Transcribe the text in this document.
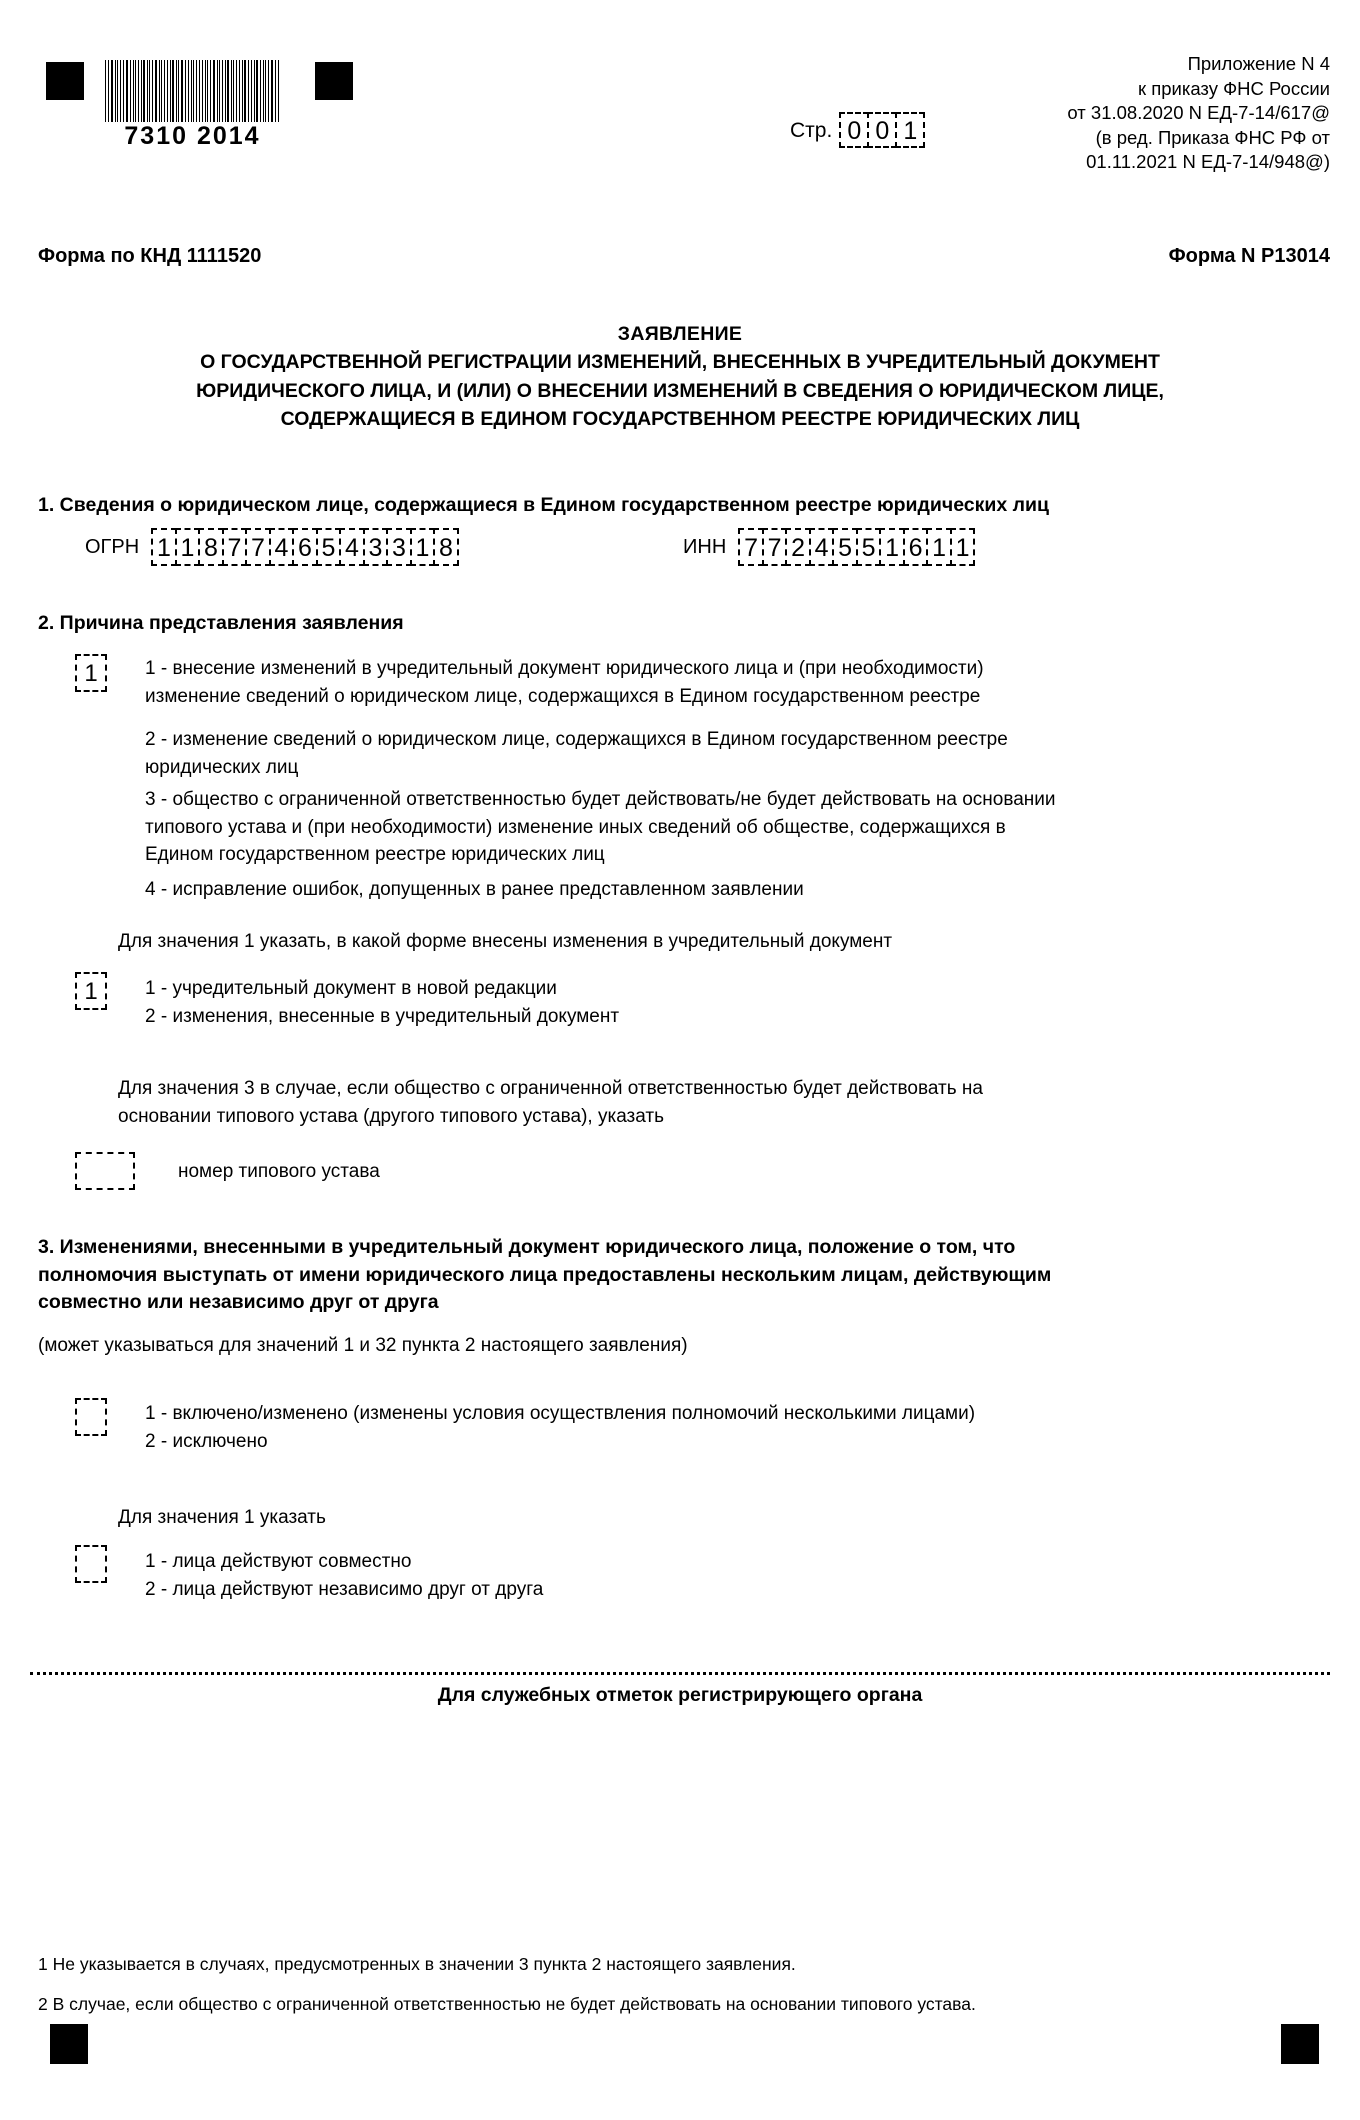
7310 2014
Приложение N 4
к приказу ФНС России
от 31.08.2020 N ЕД-7-14/617@
(в ред. Приказа ФНС РФ от
01.11.2021 N ЕД-7-14/948@)
Стр. 0 0 1
Форма по КНД 1111520	Форма N Р13014
ЗАЯВЛЕНИЕ
О ГОСУДАРСТВЕННОЙ РЕГИСТРАЦИИ ИЗМЕНЕНИЙ, ВНЕСЕННЫХ В УЧРЕДИТЕЛЬНЫЙ ДОКУМЕНТ
ЮРИДИЧЕСКОГО ЛИЦА, И (ИЛИ) О ВНЕСЕНИИ ИЗМЕНЕНИЙ В СВЕДЕНИЯ О ЮРИДИЧЕСКОМ ЛИЦЕ,
СОДЕРЖАЩИЕСЯ В ЕДИНОМ ГОСУДАРСТВЕННОМ РЕЕСТРЕ ЮРИДИЧЕСКИХ ЛИЦ
1. Сведения о юридическом лице, содержащиеся в Едином государственном реестре юридических лиц
ОГРН 1 1 8 7 7 4 6 5 4 3 3 1 8	ИНН 7 7 2 4 5 5 1 6 1 1
2. Причина представления заявления
1	1 - внесение изменений в учредительный документ юридического лица и (при необходимости)
изменение сведений о юридическом лице, содержащихся в Едином государственном реестре
2 - изменение сведений о юридическом лице, содержащихся в Едином государственном реестре
юридических лиц
3 - общество с ограниченной ответственностью будет действовать/не будет действовать на основании
типового устава и (при необходимости) изменение иных сведений об обществе, содержащихся в
Едином государственном реестре юридических лиц
4 - исправление ошибок, допущенных в ранее представленном заявлении
Для значения 1 указать, в какой форме внесены изменения в учредительный документ
1	1 - учредительный документ в новой редакции
2 - изменения, внесенные в учредительный документ
Для значения 3 в случае, если общество с ограниченной ответственностью будет действовать на
основании типового устава (другого типового устава), указать
номер типового устава
3. Изменениями, внесенными в учредительный документ юридического лица, положение о том, что
полномочия выступать от имени юридического лица предоставлены нескольким лицам, действующим
совместно или независимо друг от друга
(может указываться для значений 1 и 32 пункта 2 настоящего заявления)
1 - включено/изменено (изменены условия осуществления полномочий несколькими лицами)
2 - исключено
Для значения 1 указать
1 - лица действуют совместно
2 - лица действуют независимо друг от друга
Для служебных отметок регистрирующего органа
1 Не указывается в случаях, предусмотренных в значении 3 пункта 2 настоящего заявления.
2 В случае, если общество с ограниченной ответственностью не будет действовать на основании типового устава.
